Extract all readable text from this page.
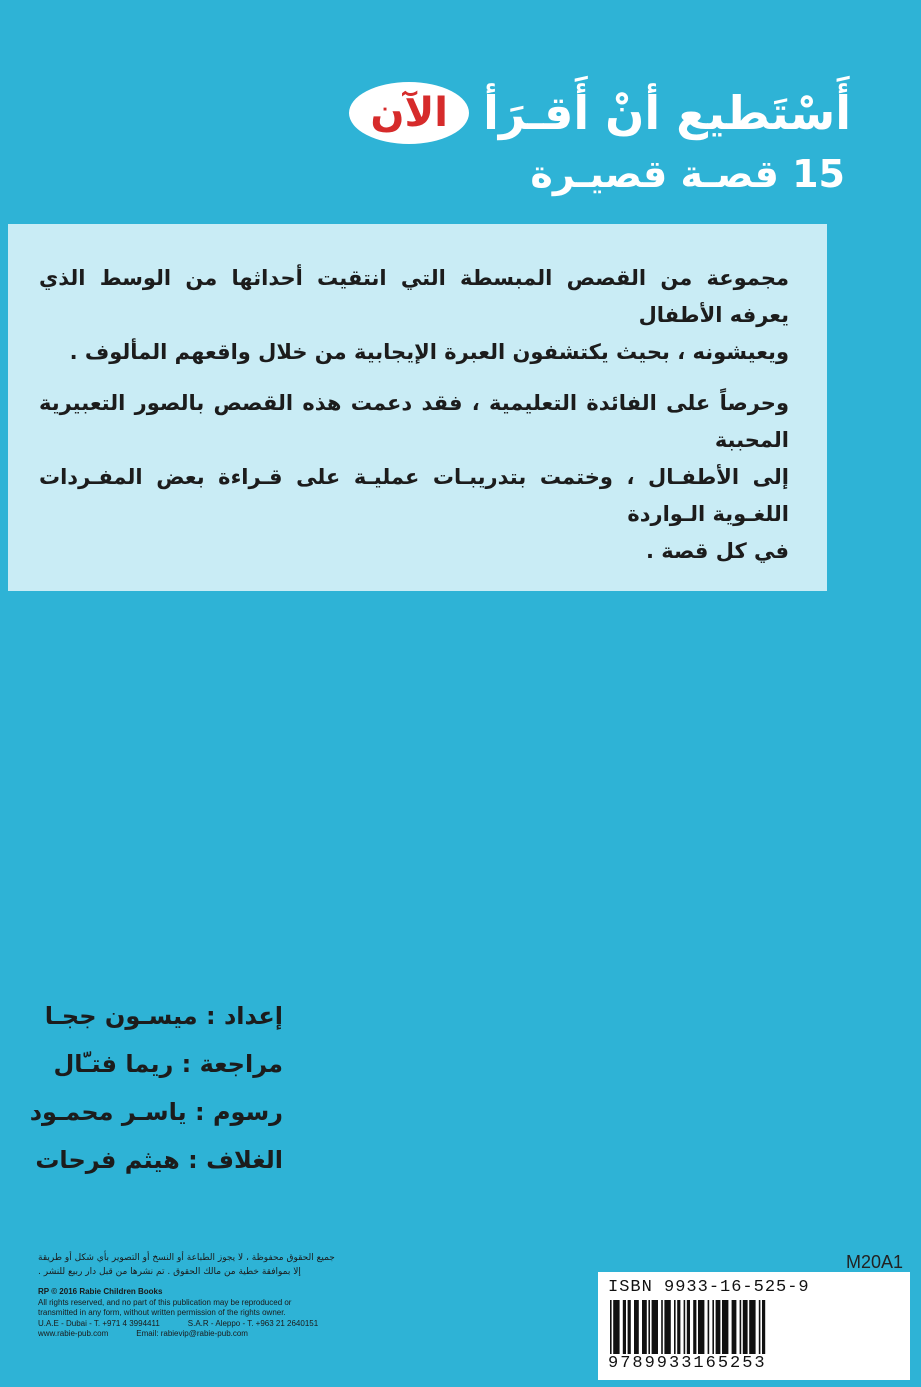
الآن أَسْتَطيع أنْ أَقـرَأ
15 قصـة قصيـرة

مجموعة من القصص المبسطة التي انتقيت أحداثها من الوسط الذي يعرفه الأطفال

ويعيشونه ، بحيث يكتشفون العبرة الإيجابية من خلال واقعهم المألوف .

وحرصاً على الفائدة التعليمية ، فقد دعمت هذه القصص بالصور التعبيرية المحببة

إلى الأطفـال ، وختمت بتدريبـات عمليـة على قـراءة بعض المفـردات اللغـوية الـواردة

في كل قصة .

إعداد : ميسـون ججـا
مراجعة : ريما فتـّال
رسوم : ياسـر محمـود
الغلاف : هيثم فرحات
جميع الحقوق محفوظة ، لا يجوز الطباعة أو النسخ أو التصوير بأي شكل أو طريقة
إلا بموافقة خطية من مالك الحقوق . تم نشرها من قبل دار ربيع للنشر .
RP © 2016 Rabie Children Books
All rights reserved, and no part of this publication may be reproduced or
transmitted in any form, without written permission of the rights owner.
U.A.E - Dubai - T. +971 4 3994411	S.A.R - Aleppo - T. +963 21 2640151
www.rabie-pub.com	Email: rabievip@rabie-pub.com
M20A1
ISBN 9933-16-525-9
9789933165253
